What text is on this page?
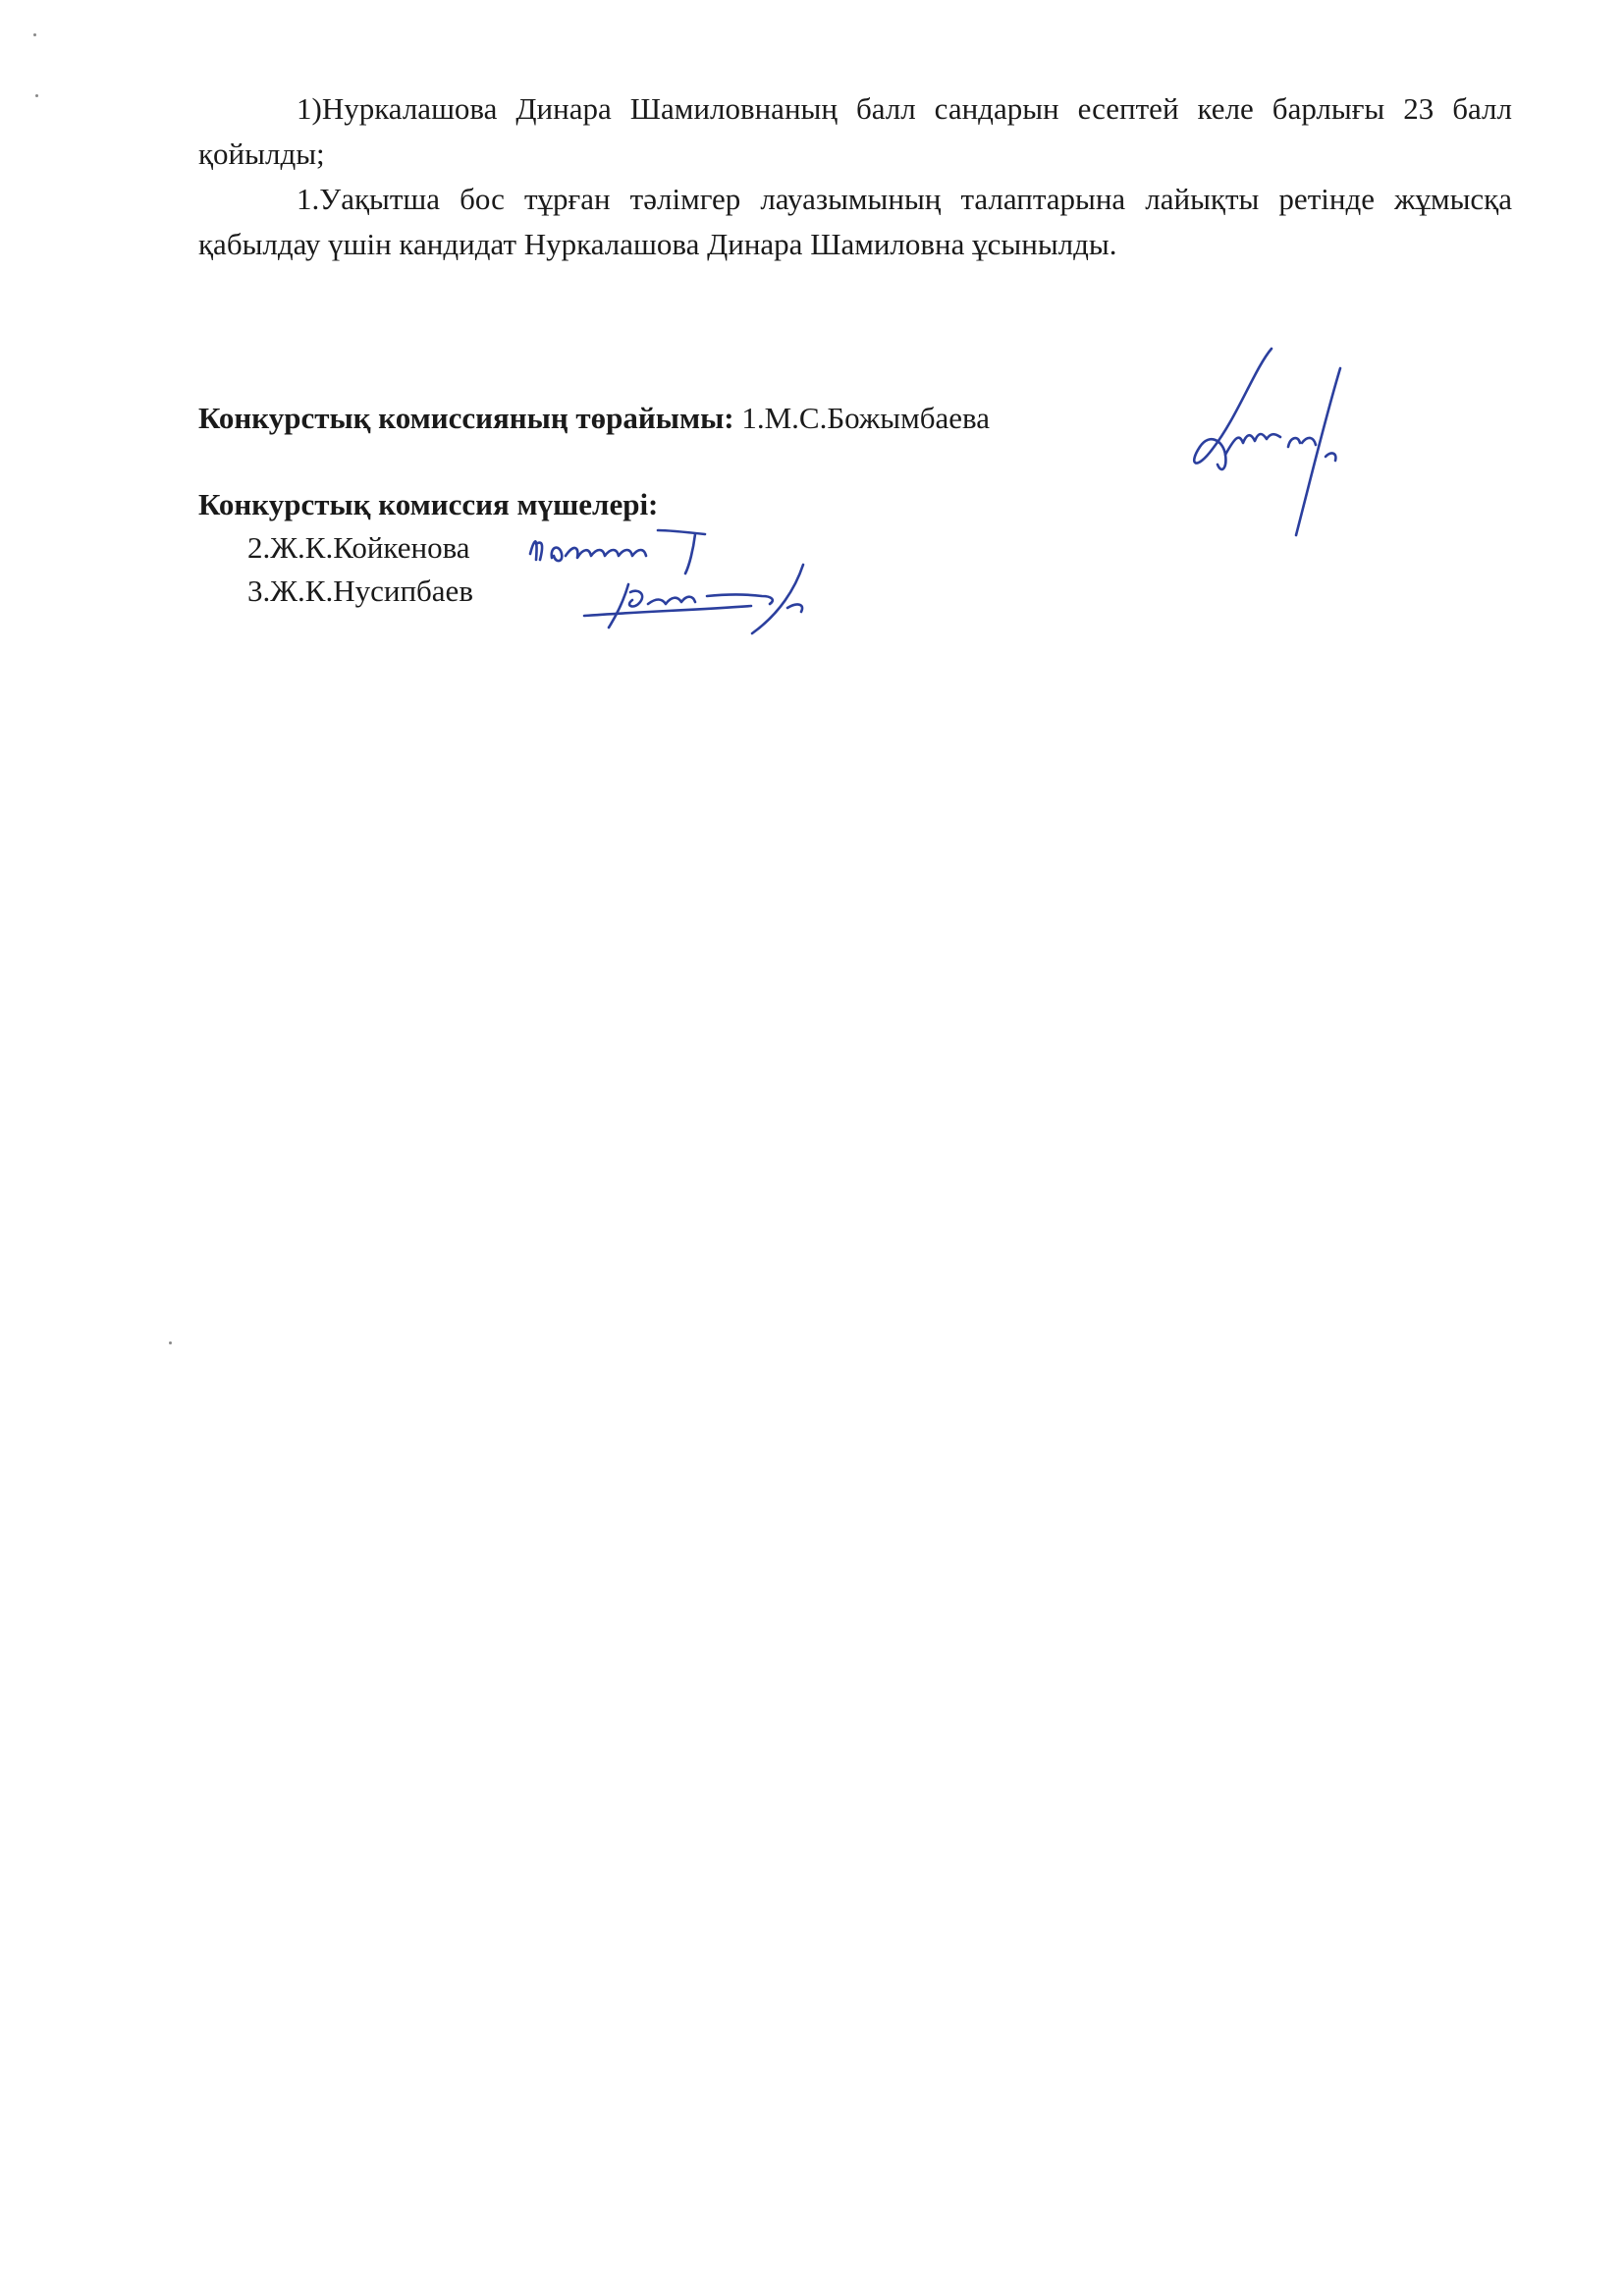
1)Нуркалашова Динара Шамиловнаның балл сандарын есептей келе барлығы 23 балл қойылды;

1.Уақытша бос тұрған тәлімгер лауазымының талаптарына лайықты ретінде жұмысқа қабылдау үшін кандидат Нуркалашова Динара Шамиловна ұсынылды.

Конкурстық комиссияның төрайымы: 1.М.С.Божымбаева
Конкурстық комиссия мүшелері:
2.Ж.К.Койкенова
3.Ж.К.Нусипбаев
